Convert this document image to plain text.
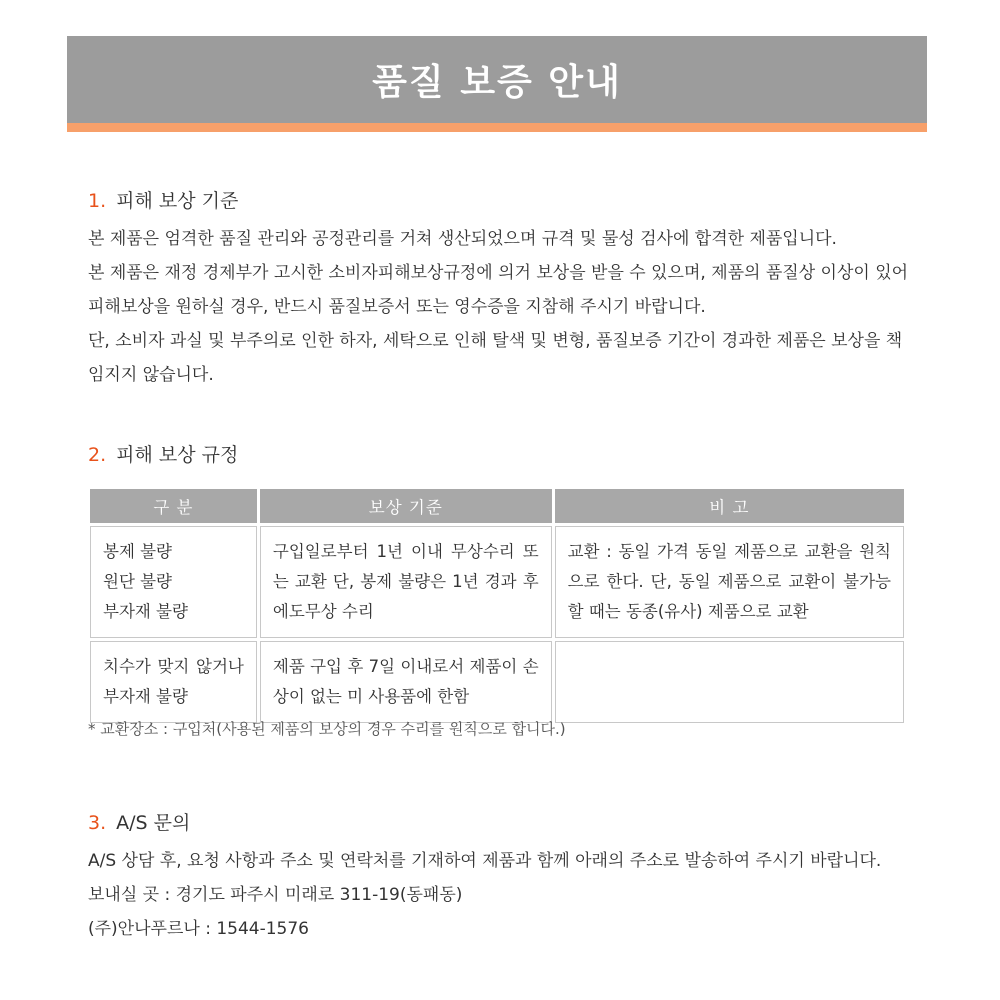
품질 보증 안내
1. 피해 보상 기준

본 제품은 엄격한 품질 관리와 공정관리를 거쳐 생산되었으며 규격 및 물성 검사에 합격한 제품입니다.

본 제품은 재정 경제부가 고시한 소비자피해보상규정에 의거 보상을 받을 수 있으며, 제품의 품질상 이상이 있어 피해보상을 원하실 경우, 반드시 품질보증서 또는 영수증을 지참해 주시기 바랍니다.

단, 소비자 과실 및 부주의로 인한 하자, 세탁으로 인해 탈색 및 변형, 품질보증 기간이 경과한 제품은 보상을 책임지지 않습니다.

2. 피해 보상 규정
구 분	보상 기준	비 고

봉제 불량
원단 불량
부자재 불량	구입일로부터 1년 이내 무상수리 또는 교환 단, 봉제 불량은 1년 경과 후에도무상 수리	교환 : 동일 가격 동일 제품으로 교환을 원칙으로 한다. 단, 동일 제품으로 교환이 불가능할 때는 동종(유사) 제품으로 교환
치수가 맞지 않거나 부자재 불량	제품 구입 후 7일 이내로서 제품이 손상이 없는 미 사용품에 한함	
* 교환장소 : 구입처(사용된 제품의 보상의 경우 수리를 원칙으로 합니다.)
3. A/S 문의

A/S 상담 후, 요청 사항과 주소 및 연락처를 기재하여 제품과 함께 아래의 주소로 발송하여 주시기 바랍니다.

보내실 곳 : 경기도 파주시 미래로 311-19(동패동)

(주)안나푸르나 : 1544-1576
